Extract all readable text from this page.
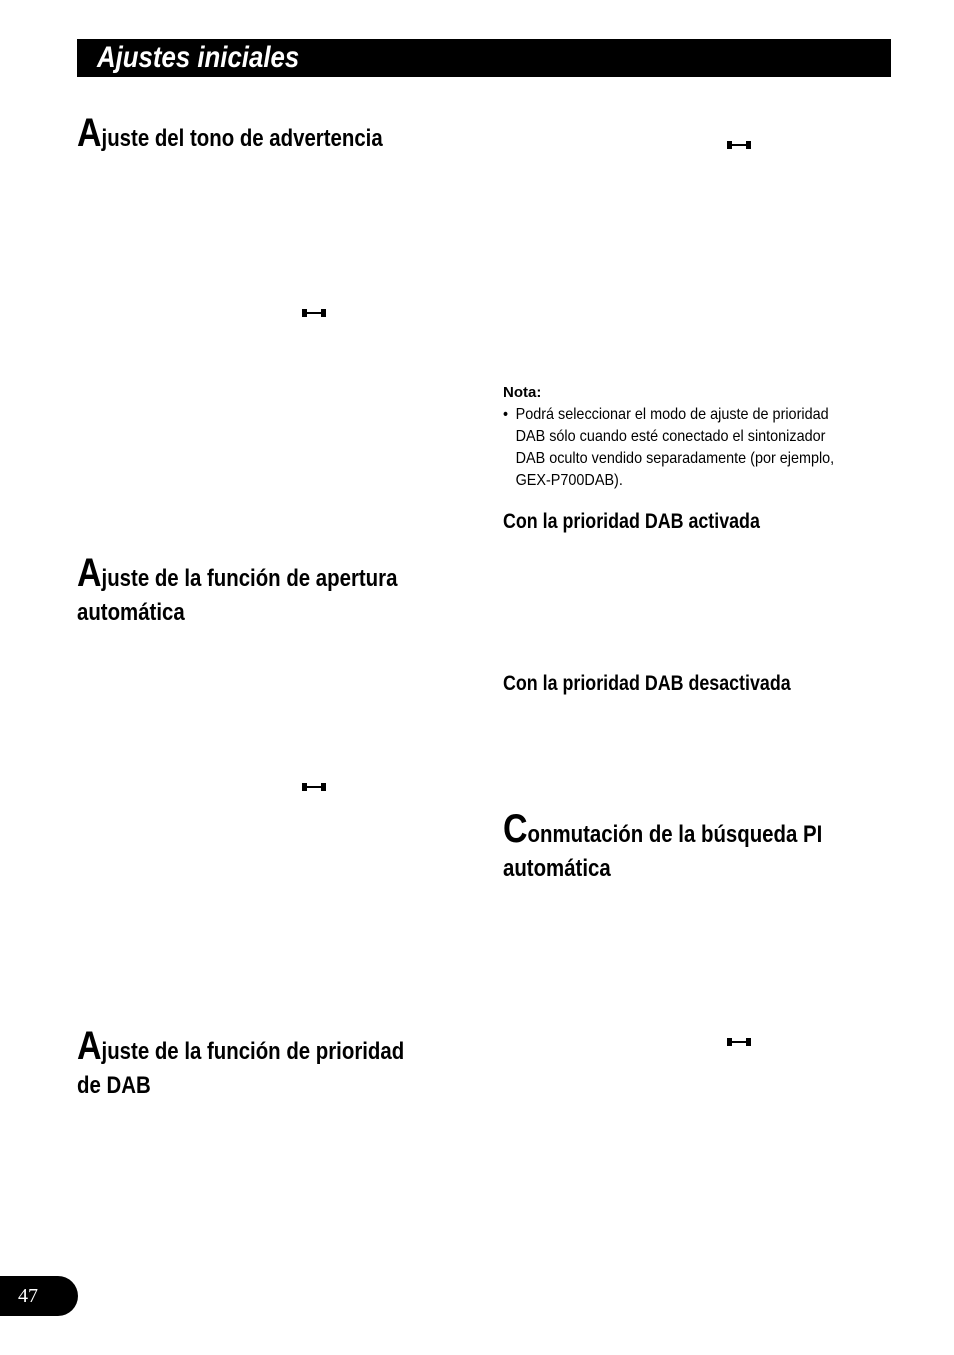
Ajustes iniciales
Ajuste del tono de advertencia
Ajuste de la función de apertura
automática
Ajuste de la función de prioridad
de DAB
Nota:
• Podrá seleccionar el modo de ajuste de prioridad
DAB sólo cuando esté conectado el sintonizador
DAB oculto vendido separadamente (por ejemplo,
GEX-P700DAB).
Con la prioridad DAB activada
Con la prioridad DAB desactivada
Conmutación de la búsqueda PI
automática
47
